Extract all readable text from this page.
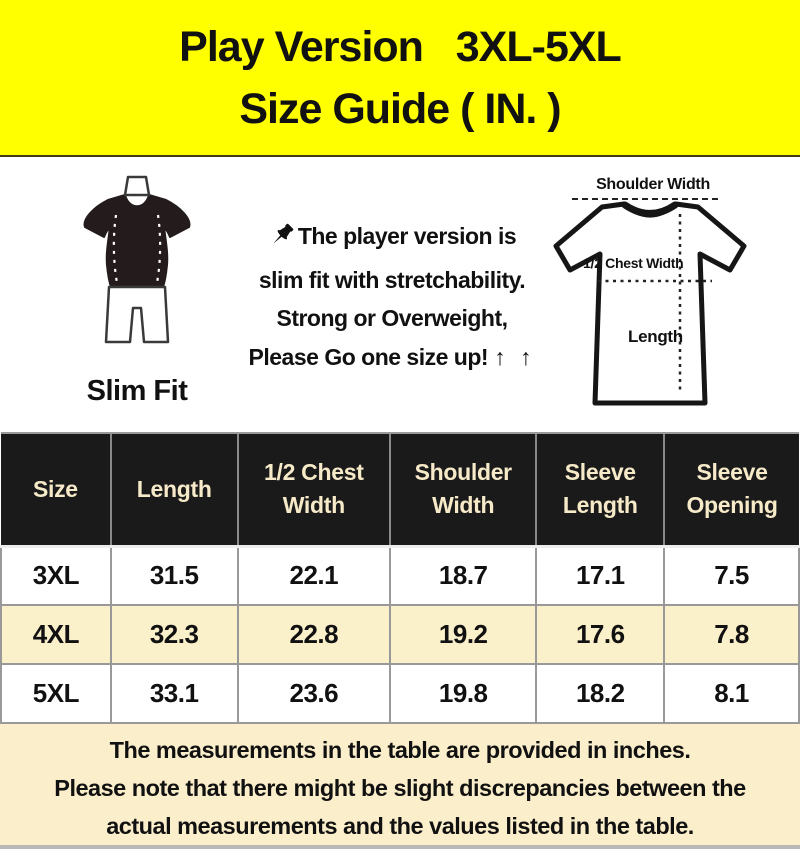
Play Version   3XL-5XL
Size Guide ( IN. )
Slim Fit
The player version is
slim fit with stretchability.
Strong or Overweight,
Please Go one size up! ↑ ↑
Shoulder Width
1/2 Chest Width
Length
Size	Length	1/2 Chest Width	Shoulder Width	Sleeve Length	Sleeve Opening
3XL	31.5	22.1	18.7	17.1	7.5
4XL	32.3	22.8	19.2	17.6	7.8
5XL	33.1	23.6	19.8	18.2	8.1
The measurements in the table are provided in inches.
Please note that there might be slight discrepancies between the
actual measurements and the values listed in the table.
